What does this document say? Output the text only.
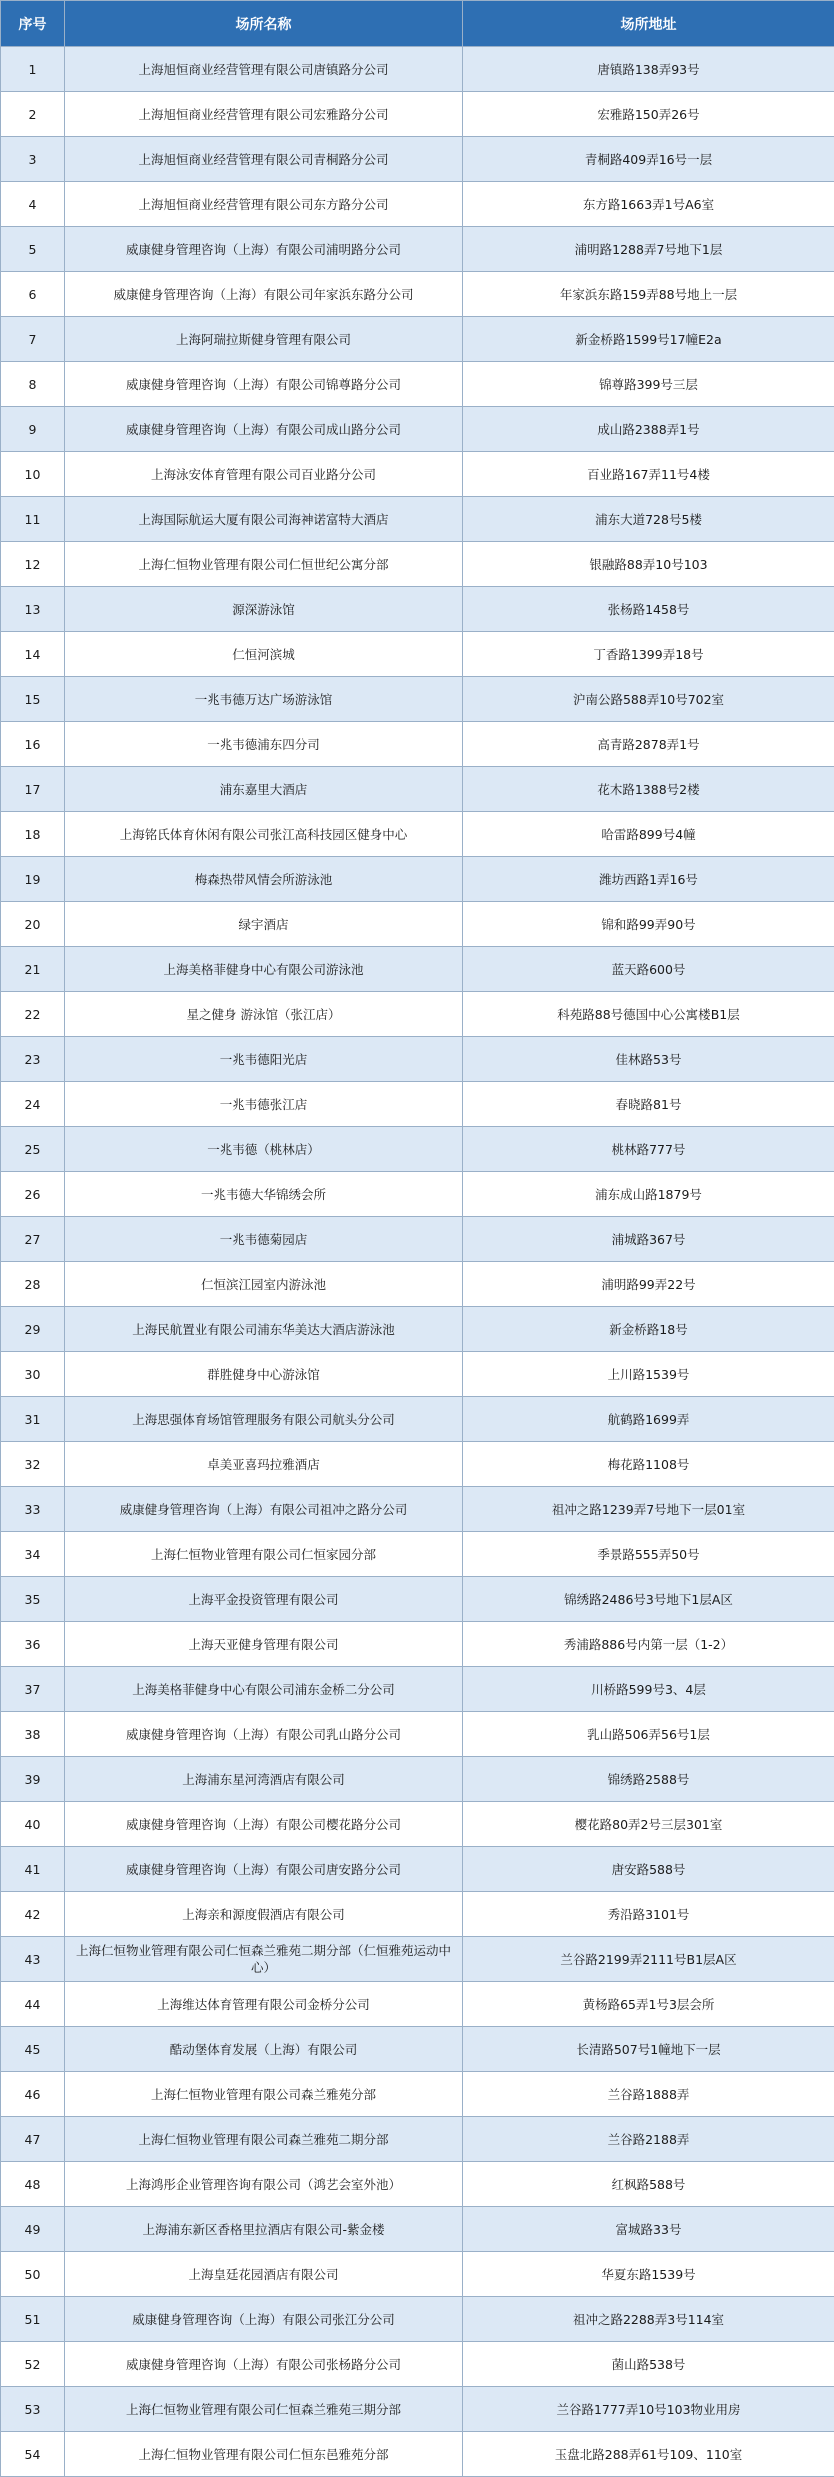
序号	场所名称	场所地址
1	上海旭恒商业经营管理有限公司唐镇路分公司	唐镇路138弄93号
2	上海旭恒商业经营管理有限公司宏雅路分公司	宏雅路150弄26号
3	上海旭恒商业经营管理有限公司青桐路分公司	青桐路409弄16号一层
4	上海旭恒商业经营管理有限公司东方路分公司	东方路1663弄1号A6室
5	威康健身管理咨询（上海）有限公司浦明路分公司	浦明路1288弄7号地下1层
6	威康健身管理咨询（上海）有限公司年家浜东路分公司	年家浜东路159弄88号地上一层
7	上海阿瑞拉斯健身管理有限公司	新金桥路1599号17幢E2a
8	威康健身管理咨询（上海）有限公司锦尊路分公司	锦尊路399号三层
9	威康健身管理咨询（上海）有限公司成山路分公司	成山路2388弄1号
10	上海泳安体育管理有限公司百业路分公司	百业路167弄11号4楼
11	上海国际航运大厦有限公司海神诺富特大酒店	浦东大道728号5楼
12	上海仁恒物业管理有限公司仁恒世纪公寓分部	银融路88弄10号103
13	源深游泳馆	张杨路1458号
14	仁恒河滨城	丁香路1399弄18号
15	一兆韦德万达广场游泳馆	沪南公路588弄10号702室
16	一兆韦德浦东四分司	高青路2878弄1号
17	浦东嘉里大酒店	花木路1388号2楼
18	上海铭氏体育休闲有限公司张江高科技园区健身中心	哈雷路899号4幢
19	梅森热带风情会所游泳池	潍坊西路1弄16号
20	绿宇酒店	锦和路99弄90号
21	上海美格菲健身中心有限公司游泳池	蓝天路600号
22	星之健身 游泳馆（张江店）	科苑路88号德国中心公寓楼B1层
23	一兆韦德阳光店	佳林路53号
24	一兆韦德张江店	春晓路81号
25	一兆韦德（桃林店）	桃林路777号
26	一兆韦德大华锦绣会所	浦东成山路1879号
27	一兆韦德菊园店	浦城路367号
28	仁恒滨江园室内游泳池	浦明路99弄22号
29	上海民航置业有限公司浦东华美达大酒店游泳池	新金桥路18号
30	群胜健身中心游泳馆	上川路1539号
31	上海思强体育场馆管理服务有限公司航头分公司	航鹤路1699弄
32	卓美亚喜玛拉雅酒店	梅花路1108号
33	威康健身管理咨询（上海）有限公司祖冲之路分公司	祖冲之路1239弄7号地下一层01室
34	上海仁恒物业管理有限公司仁恒家园分部	季景路555弄50号
35	上海平金投资管理有限公司	锦绣路2486号3号地下1层A区
36	上海天亚健身管理有限公司	秀浦路886号内第一层（1-2）
37	上海美格菲健身中心有限公司浦东金桥二分公司	川桥路599号3、4层
38	威康健身管理咨询（上海）有限公司乳山路分公司	乳山路506弄56号1层
39	上海浦东星河湾酒店有限公司	锦绣路2588号
40	威康健身管理咨询（上海）有限公司樱花路分公司	樱花路80弄2号三层301室
41	威康健身管理咨询（上海）有限公司唐安路分公司	唐安路588号
42	上海亲和源度假酒店有限公司	秀沿路3101号
43	上海仁恒物业管理有限公司仁恒森兰雅苑二期分部（仁恒雅苑运动中心）	兰谷路2199弄2111号B1层A区
44	上海维达体育管理有限公司金桥分公司	黄杨路65弄1号3层会所
45	酷动堡体育发展（上海）有限公司	长清路507号1幢地下一层
46	上海仁恒物业管理有限公司森兰雅苑分部	兰谷路1888弄
47	上海仁恒物业管理有限公司森兰雅苑二期分部	兰谷路2188弄
48	上海鸿彤企业管理咨询有限公司（鸿艺会室外池）	红枫路588号
49	上海浦东新区香格里拉酒店有限公司-紫金楼	富城路33号
50	上海皇廷花园酒店有限公司	华夏东路1539号
51	威康健身管理咨询（上海）有限公司张江分公司	祖冲之路2288弄3号114室
52	威康健身管理咨询（上海）有限公司张杨路分公司	菌山路538号
53	上海仁恒物业管理有限公司仁恒森兰雅苑三期分部	兰谷路1777弄10号103物业用房
54	上海仁恒物业管理有限公司仁恒东邑雅苑分部	玉盘北路288弄61号109、110室
